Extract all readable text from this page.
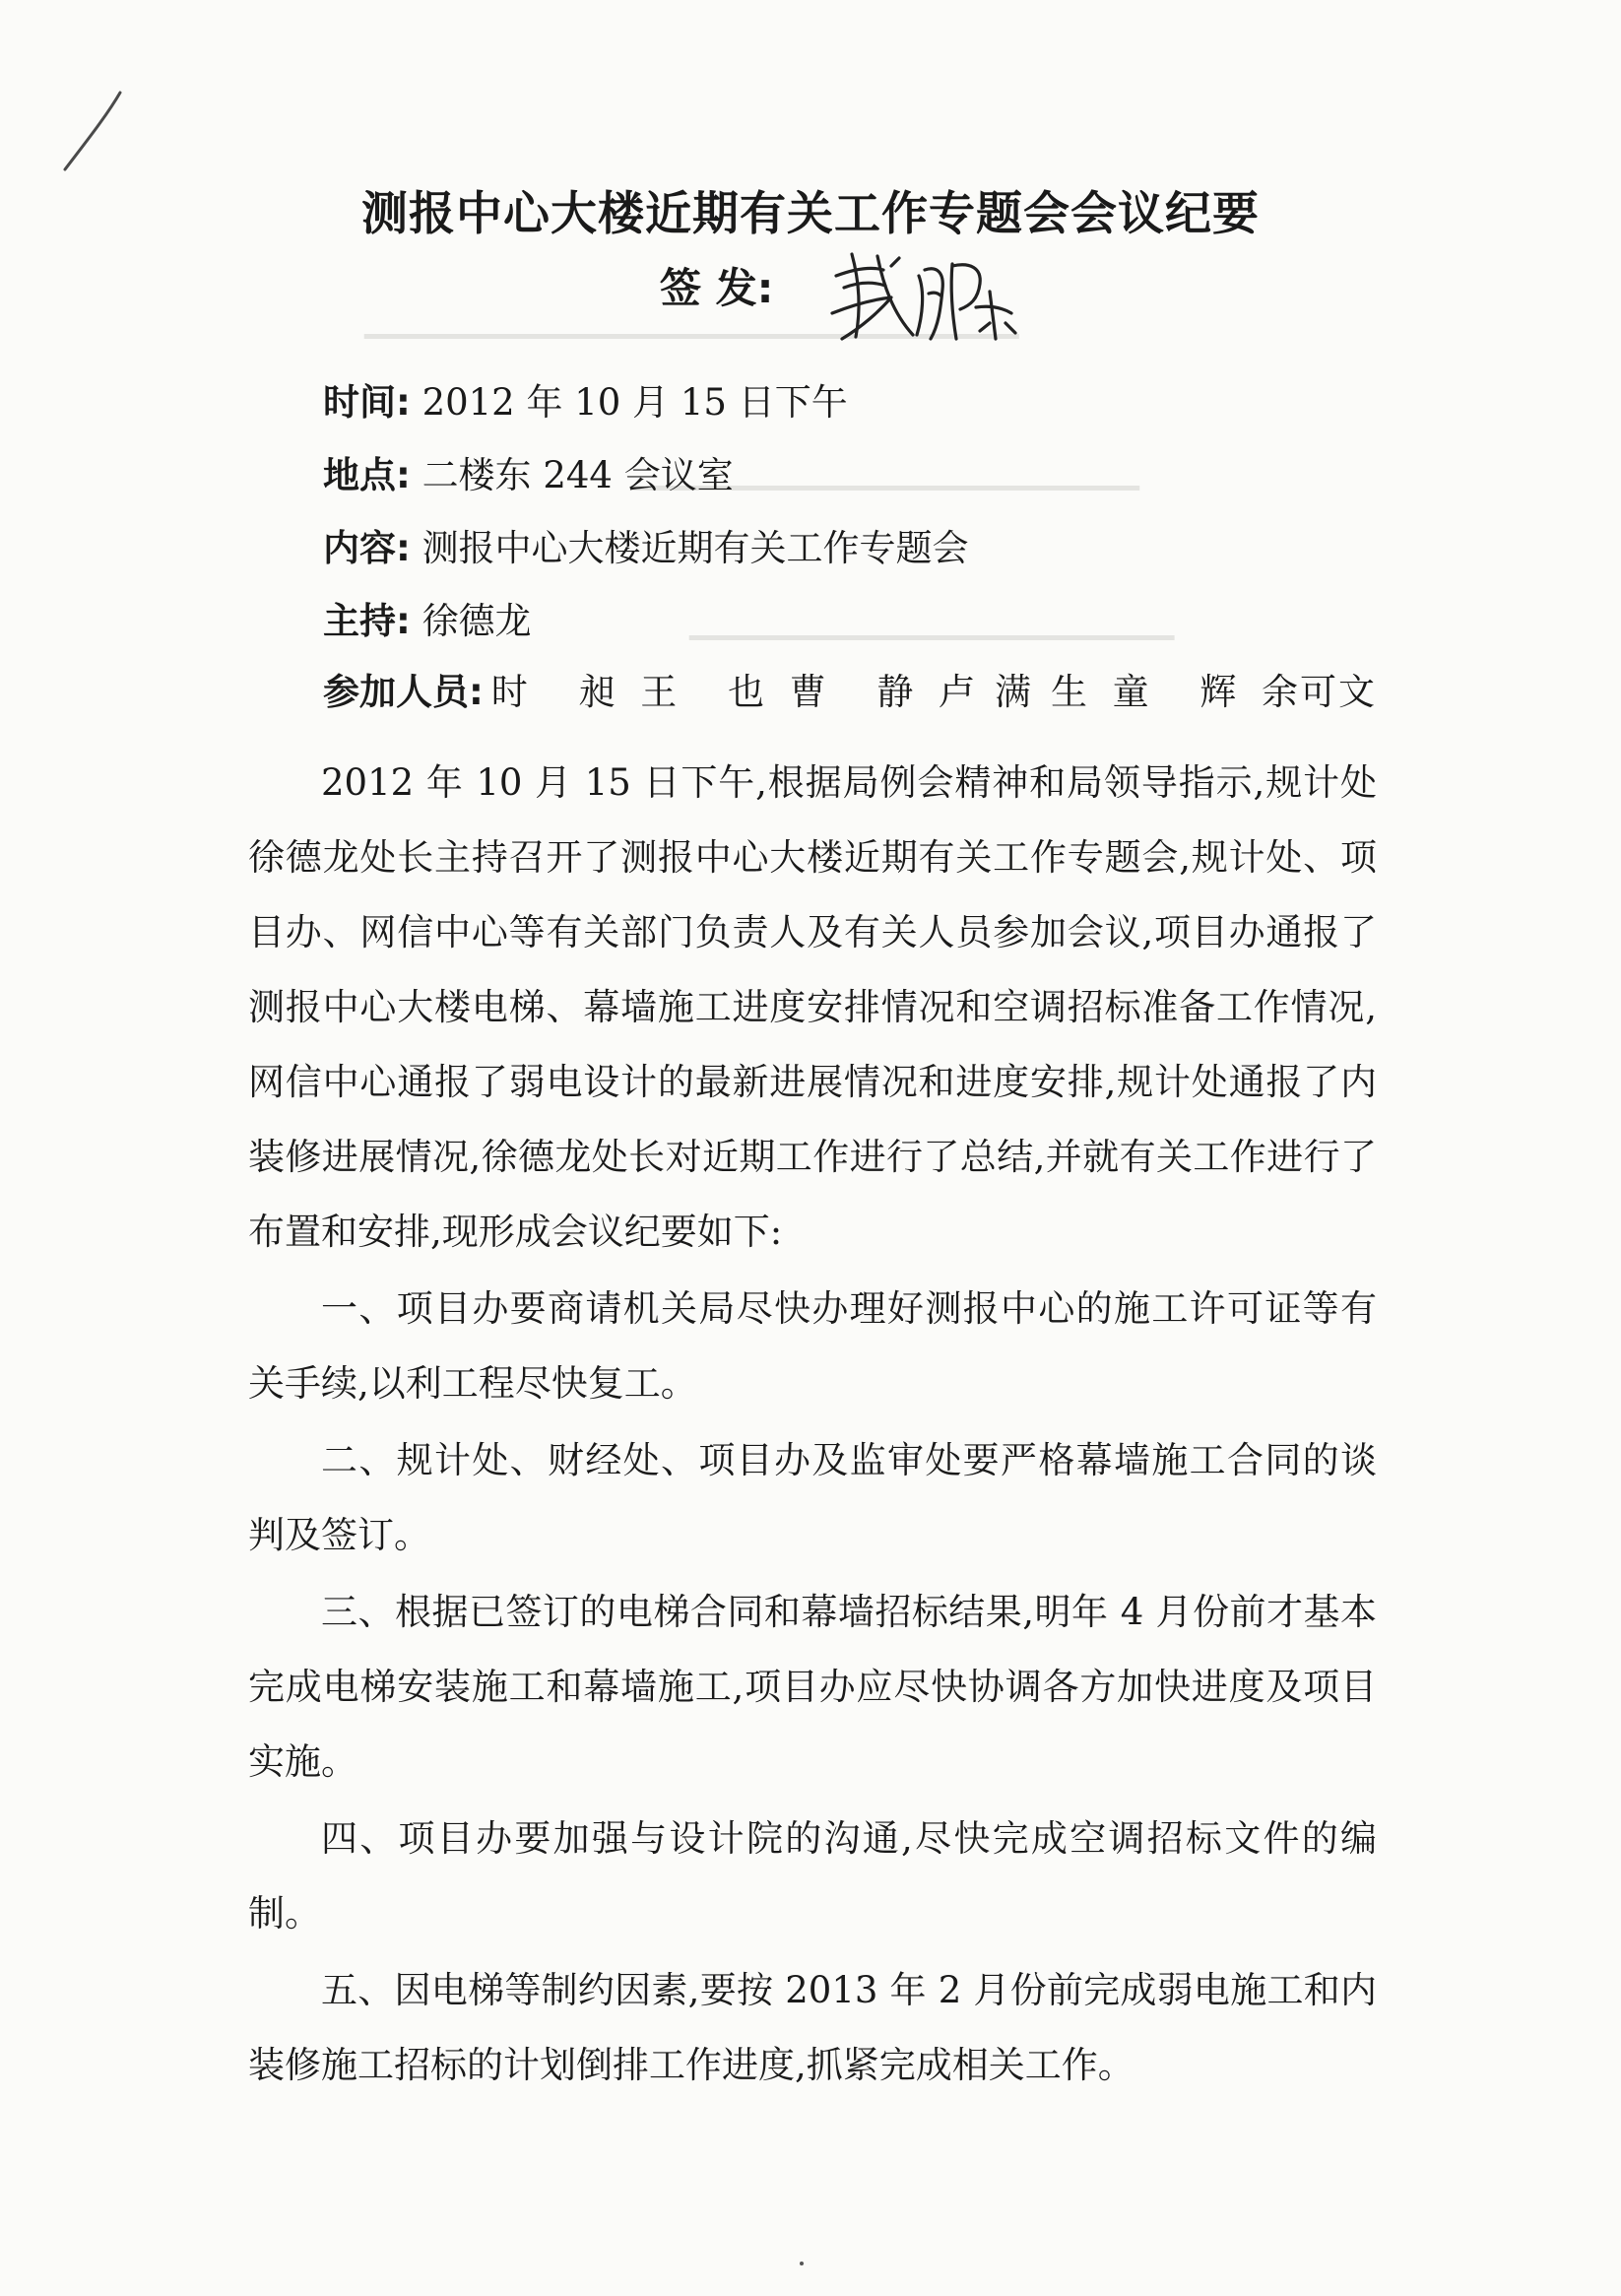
▁▁▁▁▁▁▁▁▁▁▁▁▁▁▁▁▁▁▁▁▁▁▁▁▁▁▁
▁▁▁▁▁▁▁▁▁▁▁▁▁▁▁▁▁▁▁▁▁
▁▁▁▁▁▁▁▁▁▁▁▁▁▁▁▁▁▁▁▁
测报中心大楼近期有关工作专题会会议纪要
签 发:
时间: 2012 年 10 月 15 日下午
地点: 二楼东 244 会议室
内容: 测报中心大楼近期有关工作专题会
主持: 徐德龙
参加人员: 时 昶 王 也 曹 静 卢满生 童 辉 余可文

2012 年 10 月 15 日下午,根据局例会精神和局领导指示,规计处徐德龙处长主持召开了测报中心大楼近期有关工作专题会,规计处、项目办、网信中心等有关部门负责人及有关人员参加会议,项目办通报了测报中心大楼电梯、幕墙施工进度安排情况和空调招标准备工作情况,网信中心通报了弱电设计的最新进展情况和进度安排,规计处通报了内装修进展情况,徐德龙处长对近期工作进行了总结,并就有关工作进行了布置和安排,现形成会议纪要如下:

一、项目办要商请机关局尽快办理好测报中心的施工许可证等有关手续,以利工程尽快复工。

二、规计处、财经处、项目办及监审处要严格幕墙施工合同的谈判及签订。

三、根据已签订的电梯合同和幕墙招标结果,明年 4 月份前才基本完成电梯安装施工和幕墙施工,项目办应尽快协调各方加快进度及项目实施。

四、项目办要加强与设计院的沟通,尽快完成空调招标文件的编制。

五、因电梯等制约因素,要按 2013 年 2 月份前完成弱电施工和内装修施工招标的计划倒排工作进度,抓紧完成相关工作。
